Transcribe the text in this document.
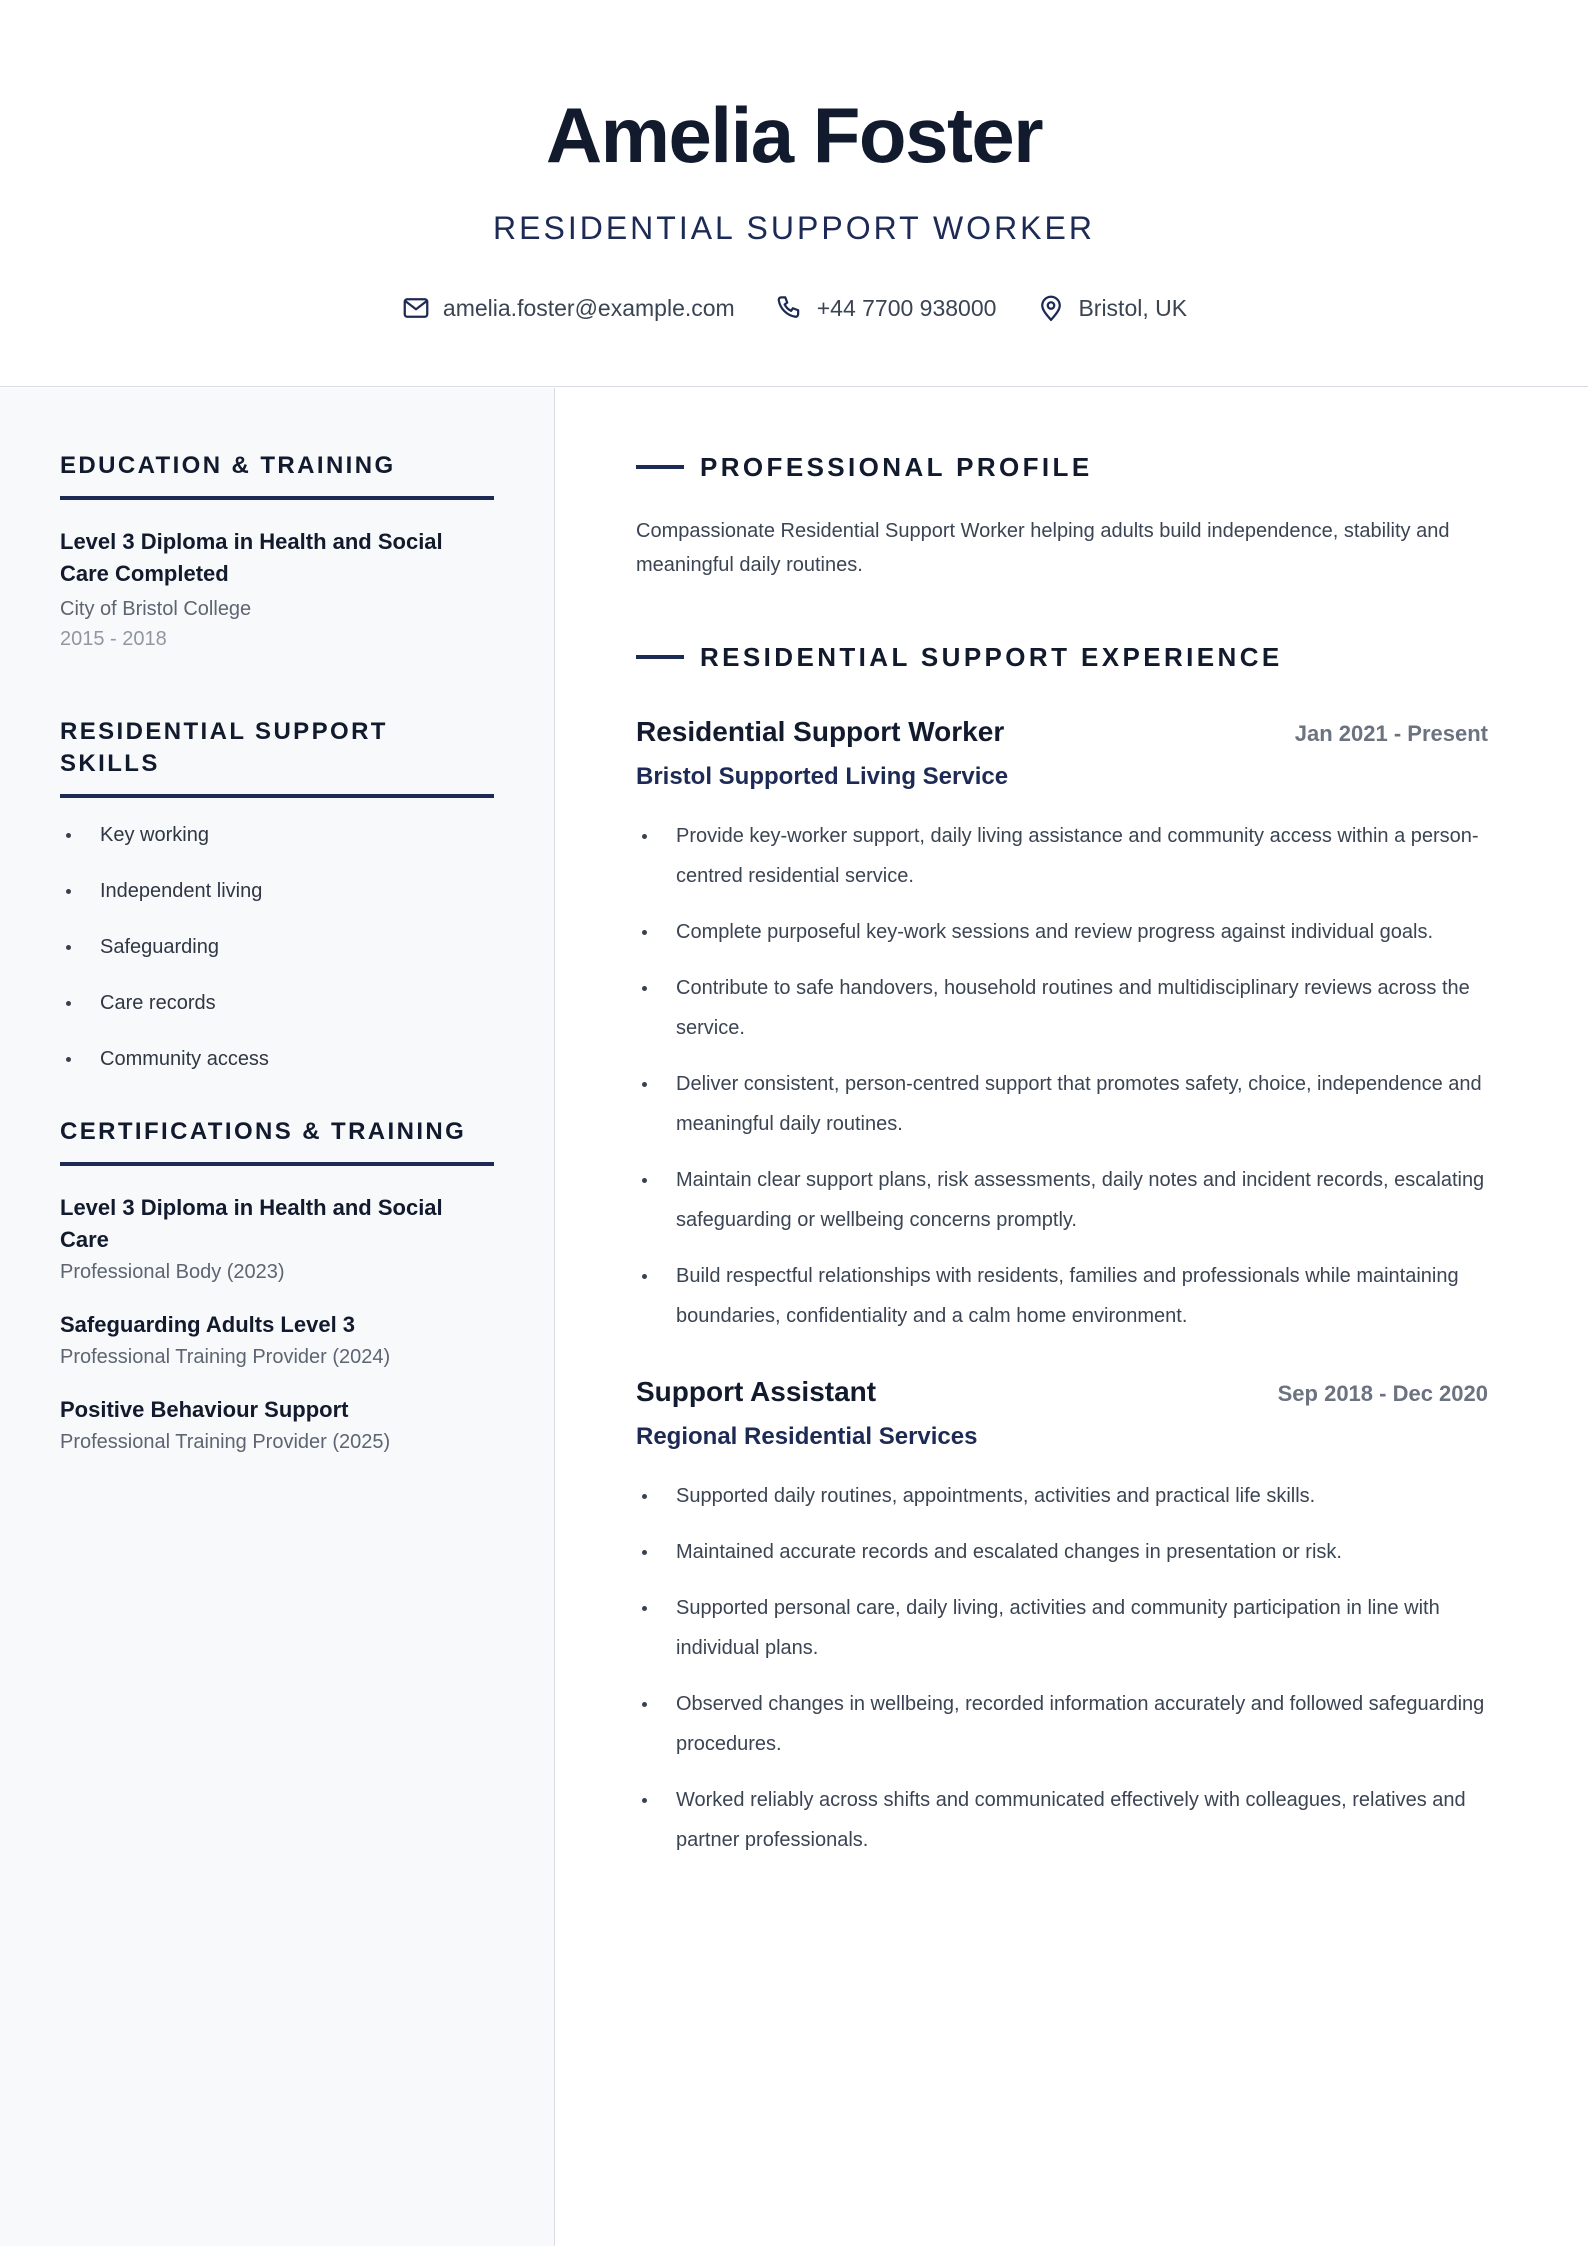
Amelia Foster
RESIDENTIAL SUPPORT WORKER
amelia.foster@example.com	+44 7700 938000	Bristol, UK
EDUCATION & TRAINING
Level 3 Diploma in Health and Social Care Completed
City of Bristol College
2015 - 2018
RESIDENTIAL SUPPORT SKILLS
Key working
Independent living
Safeguarding
Care records
Community access
CERTIFICATIONS & TRAINING
Level 3 Diploma in Health and Social Care
Professional Body (2023)
Safeguarding Adults Level 3
Professional Training Provider (2024)
Positive Behaviour Support
Professional Training Provider (2025)
PROFESSIONAL PROFILE
Compassionate Residential Support Worker helping adults build independence, stability and meaningful daily routines.
RESIDENTIAL SUPPORT EXPERIENCE
Residential Support Worker	Jan 2021 - Present
Bristol Supported Living Service
Provide key-worker support, daily living assistance and community access within a person-centred residential service.
Complete purposeful key-work sessions and review progress against individual goals.
Contribute to safe handovers, household routines and multidisciplinary reviews across the service.
Deliver consistent, person-centred support that promotes safety, choice, independence and meaningful daily routines.
Maintain clear support plans, risk assessments, daily notes and incident records, escalating safeguarding or wellbeing concerns promptly.
Build respectful relationships with residents, families and professionals while maintaining boundaries, confidentiality and a calm home environment.
Support Assistant	Sep 2018 - Dec 2020
Regional Residential Services
Supported daily routines, appointments, activities and practical life skills.
Maintained accurate records and escalated changes in presentation or risk.
Supported personal care, daily living, activities and community participation in line with individual plans.
Observed changes in wellbeing, recorded information accurately and followed safeguarding procedures.
Worked reliably across shifts and communicated effectively with colleagues, relatives and partner professionals.
